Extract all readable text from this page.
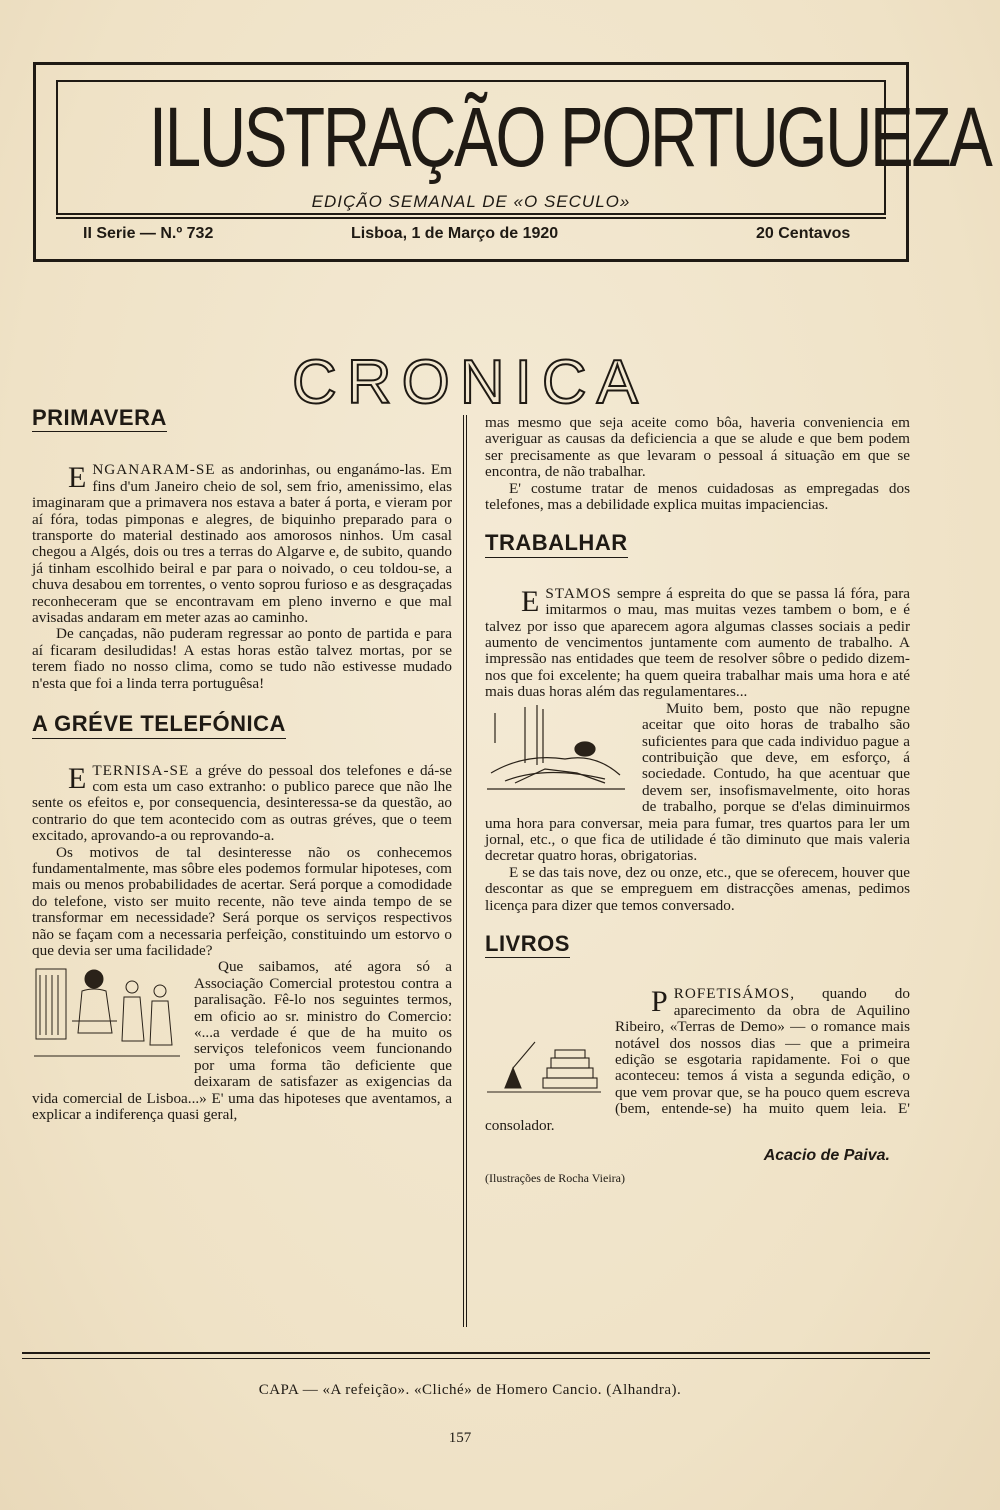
ILUSTRAÇÃO PORTUGUEZA
EDIÇÃO SEMANAL DE «O SECULO»
II Serie — N.º 732	Lisboa, 1 de Março de 1920	20 Centavos
CRONICA
PRIMAVERA

ENGANARAM-SE as andorinhas, ou enganámo-las. Em fins d'um Janeiro cheio de sol, sem frio, amenissimo, elas imaginaram que a primavera nos estava a bater á porta, e vieram por aí fóra, todas pimponas e alegres, de biquinho preparado para o transporte do material destinado aos amorosos ninhos. Um casal chegou a Algés, dois ou tres a terras do Algarve e, de subito, quando já tinham escolhido beiral e par para o noivado, o ceu toldou-se, a chuva desabou em torrentes, o vento soprou furioso e as desgraçadas reconheceram que se encontravam em pleno inverno e que mal avisadas andaram em meter azas ao caminho.

De cançadas, não puderam regressar ao ponto de partida e para aí ficaram desiludidas! A estas horas estão talvez mortas, por se terem fiado no nosso clima, como se tudo não estivesse mudado n'esta que foi a linda terra portuguêsa!

A GRÉVE TELEFÓNICA

ETERNISA-SE a gréve do pessoal dos telefones e dá-se com esta um caso extranho: o publico parece que não lhe sente os efeitos e, por consequencia, desinteressa-se da questão, ao contrario do que tem acontecido com as outras gréves, que o teem excitado, aprovando-a ou reprovando-a.

Os motivos de tal desinteresse não os conhecemos fundamentalmente, mas sôbre eles podemos formular hipoteses, com mais ou menos probabilidades de acertar. Será porque a comodidade do telefone, visto ser muito recente, não teve ainda tempo de se transformar em necessidade? Será porque os serviços respectivos não se façam com a necessaria perfeição, constituindo um estorvo o que devia ser uma facilidade?

Que saibamos, até agora só a Associação Comercial protestou contra a paralisação. Fê-lo nos seguintes termos, em oficio ao sr. ministro do Comercio: «...a verdade é que de ha muito os serviços telefonicos veem funcionando por uma forma tão deficiente que deixaram de satisfazer as exigencias da vida comercial de Lisboa...» E' uma das hipoteses que aventamos, a explicar a indiferença quasi geral,

mas mesmo que seja aceite como bôa, haveria conveniencia em averiguar as causas da deficiencia a que se alude e que bem podem ser precisamente as que levaram o pessoal á situação em que se encontra, de não trabalhar.

E' costume tratar de menos cuidadosas as empregadas dos telefones, mas a debilidade explica muitas impaciencias.

TRABALHAR

ESTAMOS sempre á espreita do que se passa lá fóra, para imitarmos o mau, mas muitas vezes tambem o bom, e é talvez por isso que aparecem agora algumas classes sociais a pedir aumento de vencimentos juntamente com aumento de trabalho. A impressão nas entidades que teem de resolver sôbre o pedido dizem-nos que foi excelente; ha quem queira trabalhar mais uma hora e até mais duas horas além das regulamentares...

Muito bem, posto que não repugne aceitar que oito horas de trabalho são suficientes para que cada individuo pague a contribuição que deve, em esforço, á sociedade. Contudo, ha que acentuar que devem ser, insofismavelmente, oito horas de trabalho, porque se d'elas diminuirmos uma hora para conversar, meia para fumar, tres quartos para ler um jornal, etc., o que fica de utilidade é tão diminuto que mais valeria decretar quatro horas, obrigatorias.

E se das tais nove, dez ou onze, etc., que se oferecem, houver que descontar as que se empreguem em distracções amenas, pedimos licença para dizer que temos conversado.

LIVROS

PROFETISÁMOS, quando do aparecimento da obra de Aquilino Ribeiro, «Terras de Demo» — o romance mais notável dos nossos dias — que a primeira edição se esgotaria rapidamente. Foi o que aconteceu: temos á vista a segunda edição, o que vem provar que, se ha pouco quem escreva (bem, entende-se) ha muito quem leia. E' consolador.

Acacio de Paiva.

(Ilustrações de Rocha Vieira)

CAPA — «A refeição». «Cliché» de Homero Cancio. (Alhandra).
157
